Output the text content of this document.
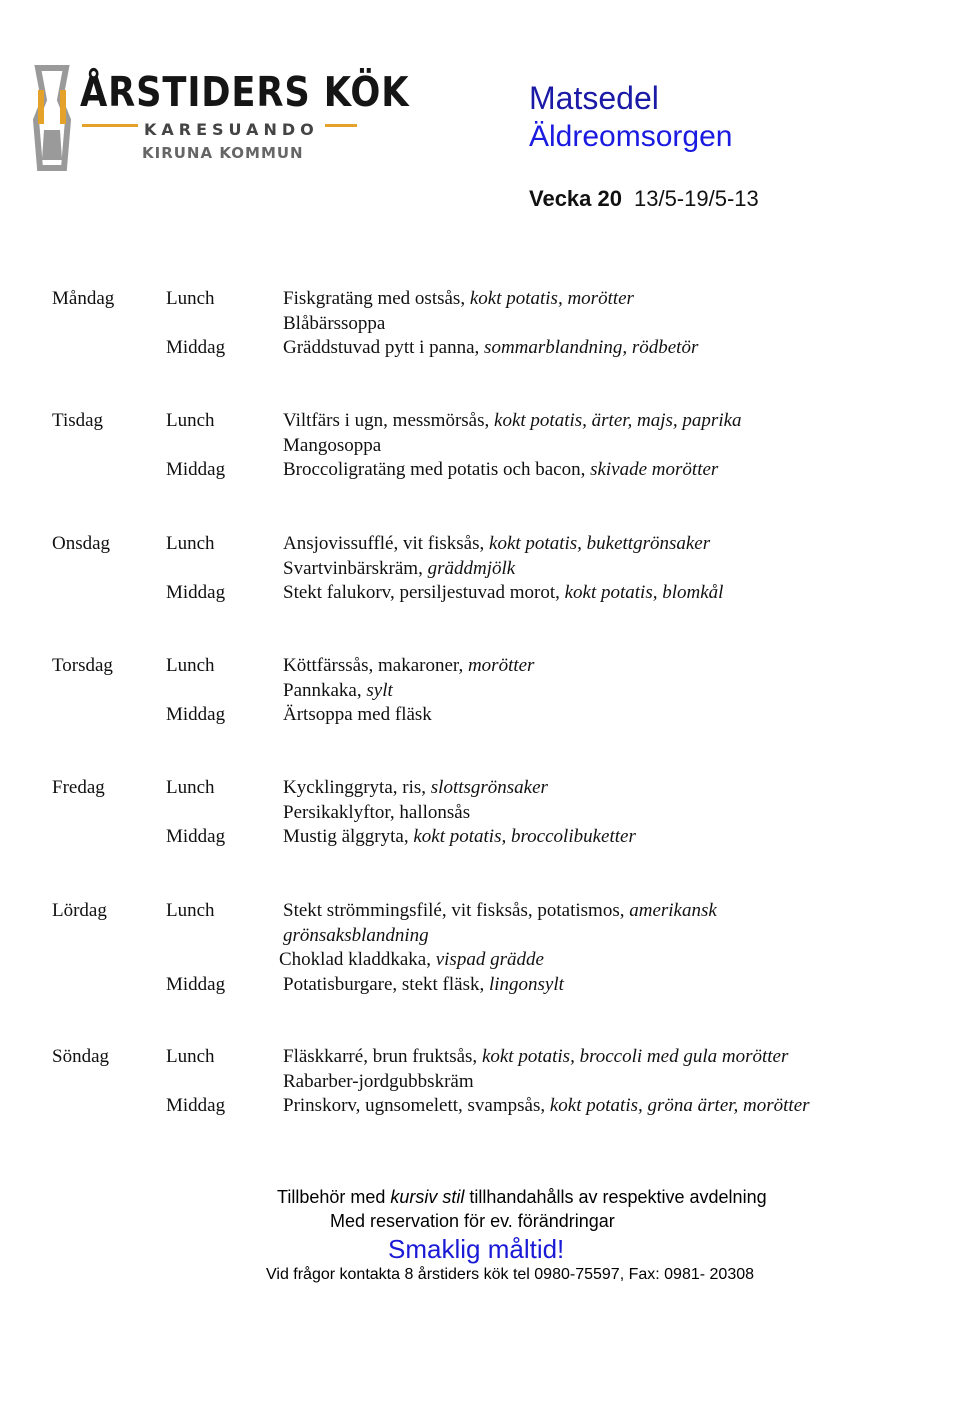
ÅRSTIDERS KÖK
KARESUANDO
KIRUNA KOMMUN
Matsedel
Äldreomsorgen
Vecka 20 13/5-19/5-13
Måndag	Lunch	Fiskgratäng med ostsås, kokt potatis, morötter
Blåbärssoppa
Middag	Gräddstuvad pytt i panna, sommarblandning, rödbetör
Tisdag	Lunch	Viltfärs i ugn, messmörsås, kokt potatis, ärter, majs, paprika
Mangosoppa
Middag	Broccoligratäng med potatis och bacon, skivade morötter
Onsdag	Lunch	Ansjovissufflé, vit fisksås, kokt potatis, bukettgrönsaker
Svartvinbärskräm, gräddmjölk
Middag	Stekt falukorv, persiljestuvad morot, kokt potatis, blomkål
Torsdag	Lunch	Köttfärssås, makaroner, morötter
Pannkaka, sylt
Middag	Ärtsoppa med fläsk
Fredag	Lunch	Kycklinggryta, ris, slottsgrönsaker
Persikaklyftor, hallonsås
Middag	Mustig älggryta, kokt potatis, broccolibuketter
Lördag	Lunch	Stekt strömmingsfilé, vit fisksås, potatismos, amerikansk
grönsaksblandning
Choklad kladdkaka, vispad grädde
Middag	Potatisburgare, stekt fläsk, lingonsylt
Söndag	Lunch	Fläskkarré, brun fruktsås, kokt potatis, broccoli med gula morötter
Rabarber-jordgubbskräm
Middag	Prinskorv, ugnsomelett, svampsås, kokt potatis, gröna ärter, morötter
Tillbehör med kursiv stil tillhandahålls av respektive avdelning
Med reservation för ev. förändringar
Smaklig måltid!
Vid frågor kontakta 8 årstiders kök tel 0980-75597, Fax: 0981- 20308
